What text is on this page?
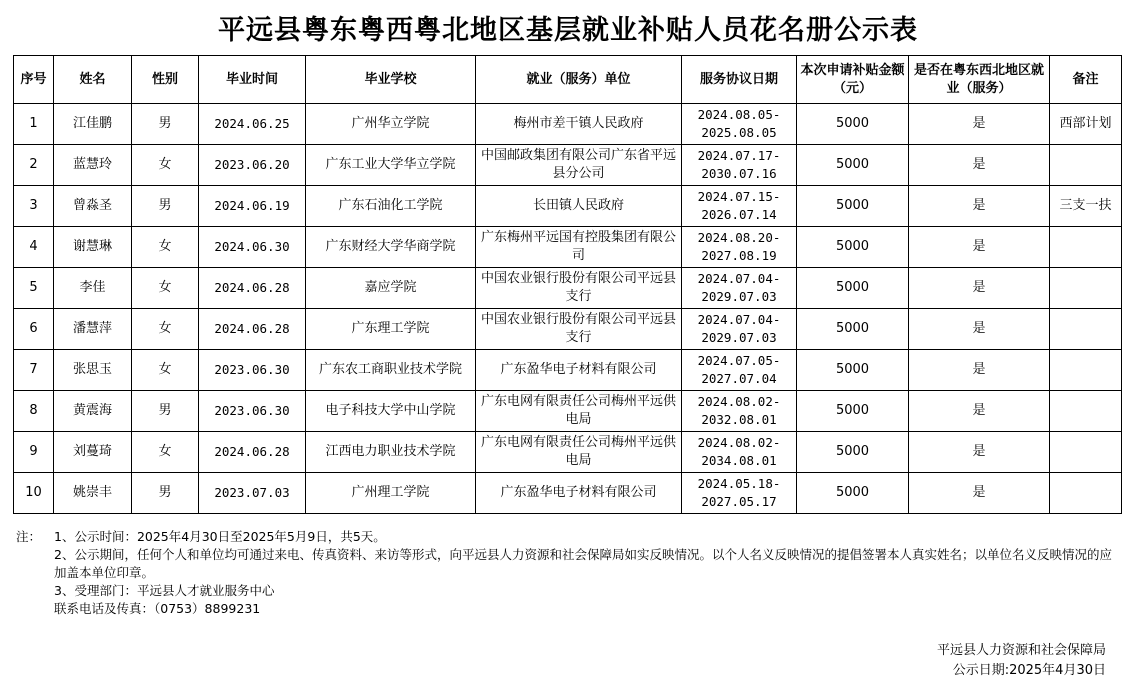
平远县粤东粤西粤北地区基层就业补贴人员花名册公示表
序号	姓名	性别	毕业时间	毕业学校	就业（服务）单位	服务协议日期	本次申请补贴金额（元）	是否在粤东西北地区就业（服务）	备注
1	江佳鹏	男	2024.06.25	广州华立学院	梅州市差干镇人民政府	2024.08.05-2025.08.05	5000	是	西部计划
2	蓝慧玲	女	2023.06.20	广东工业大学华立学院	中国邮政集团有限公司广东省平远县分公司	2024.07.17-2030.07.16	5000	是	
3	曾淼圣	男	2024.06.19	广东石油化工学院	长田镇人民政府	2024.07.15-2026.07.14	5000	是	三支一扶
4	谢慧琳	女	2024.06.30	广东财经大学华商学院	广东梅州平远国有控股集团有限公司	2024.08.20-2027.08.19	5000	是	
5	李佳	女	2024.06.28	嘉应学院	中国农业银行股份有限公司平远县支行	2024.07.04-2029.07.03	5000	是	
6	潘慧萍	女	2024.06.28	广东理工学院	中国农业银行股份有限公司平远县支行	2024.07.04-2029.07.03	5000	是	
7	张思玉	女	2023.06.30	广东农工商职业技术学院	广东盈华电子材料有限公司	2024.07.05-2027.07.04	5000	是	
8	黄震海	男	2023.06.30	电子科技大学中山学院	广东电网有限责任公司梅州平远供电局	2024.08.02-2032.08.01	5000	是	
9	刘蔓琦	女	2024.06.28	江西电力职业技术学院	广东电网有限责任公司梅州平远供电局	2024.08.02-2034.08.01	5000	是	
10	姚崇丰	男	2023.07.03	广州理工学院	广东盈华电子材料有限公司	2024.05.18-2027.05.17	5000	是	
注： 1、公示时间：2025年4月30日至2025年5月9日，共5天。
2、公示期间，任何个人和单位均可通过来电、传真资料、来访等形式，向平远县人力资源和社会保障局如实反映情况。以个人名义反映情况的提倡签署本人真实姓名；以单位名义反映情况的应加盖本单位印章。
3、受理部门：平远县人才就业服务中心
联系电话及传真：（0753）8899231
平远县人力资源和社会保障局
公示日期:2025年4月30日
